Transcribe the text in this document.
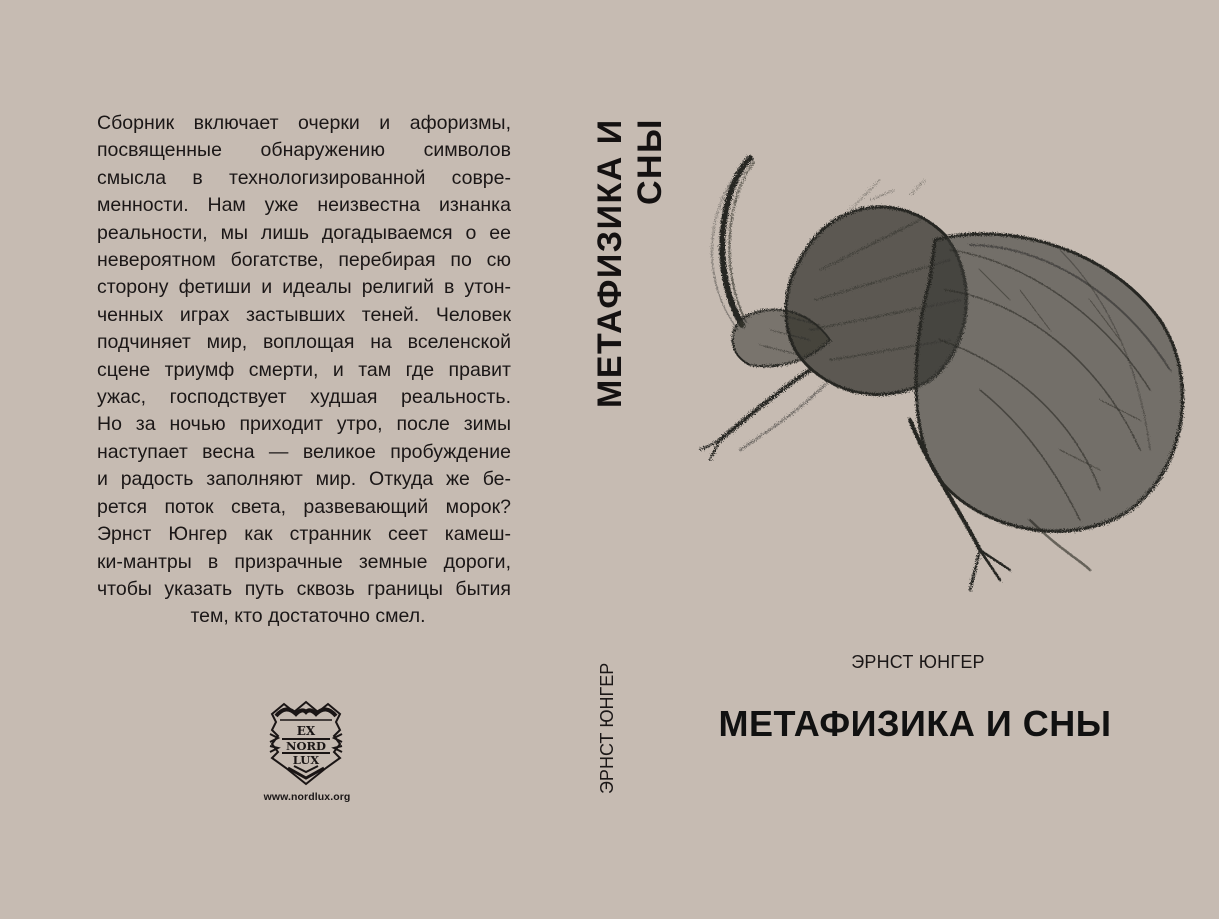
Сборник включает очерки и афоризмы,
посвященные обнаружению символов
смысла в технологизированной совре-
менности. Нам уже неизвестна изнанка
реальности, мы лишь догадываемся о ее
невероятном богатстве, перебирая по сю
сторону фетиши и идеалы религий в утон-
ченных играх застывших теней. Человек
подчиняет мир, воплощая на вселенской
сцене триумф смерти, и там где правит
ужас, господствует худшая реальность.
Но за ночью приходит утро, после зимы
наступает весна — великое пробуждение
и радость заполняют мир. Откуда же бе-
рется поток света, развевающий морок?
Эрнст Юнгер как странник сеет камеш-
ки-мантры в призрачные земные дороги,
чтобы указать путь сквозь границы бытия
тем, кто достаточно смел.
EX
NORD
LUX
www.nordlux.org
МЕТАФИЗИКА И СНЫ
ЭРНСТ ЮНГЕР
ЭРНСТ ЮНГЕР
МЕТАФИЗИКА И СНЫ
